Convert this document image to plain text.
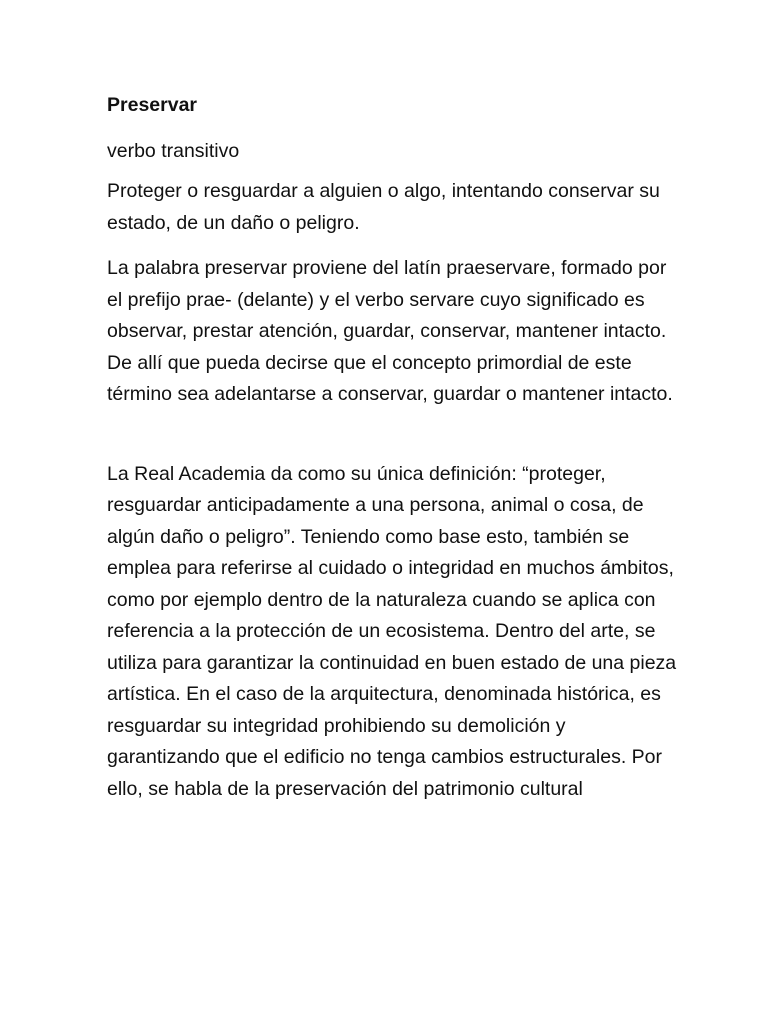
Preservar
verbo transitivo

Proteger o resguardar a alguien o algo, intentando conservar su estado, de un daño o peligro.

La palabra preservar proviene del latín praeservare, formado por el prefijo prae- (delante) y el verbo servare cuyo significado es observar, prestar atención, guardar, conservar, mantener intacto. De allí que pueda decirse que el concepto primordial de este término sea adelantarse a conservar, guardar o mantener intacto.

La Real Academia da como su única definición: “proteger, resguardar anticipadamente a una persona, animal o cosa, de algún daño o peligro”. Teniendo como base esto, también se emplea para referirse al cuidado o integridad en muchos ámbitos, como por ejemplo dentro de la naturaleza cuando se aplica con referencia a la protección de un ecosistema. Dentro del arte, se utiliza para garantizar la continuidad en buen estado de una pieza artística. En el caso de la arquitectura, denominada histórica, es resguardar su integridad prohibiendo su demolición y garantizando que el edificio no tenga cambios estructurales. Por ello, se habla de la preservación del patrimonio cultural
